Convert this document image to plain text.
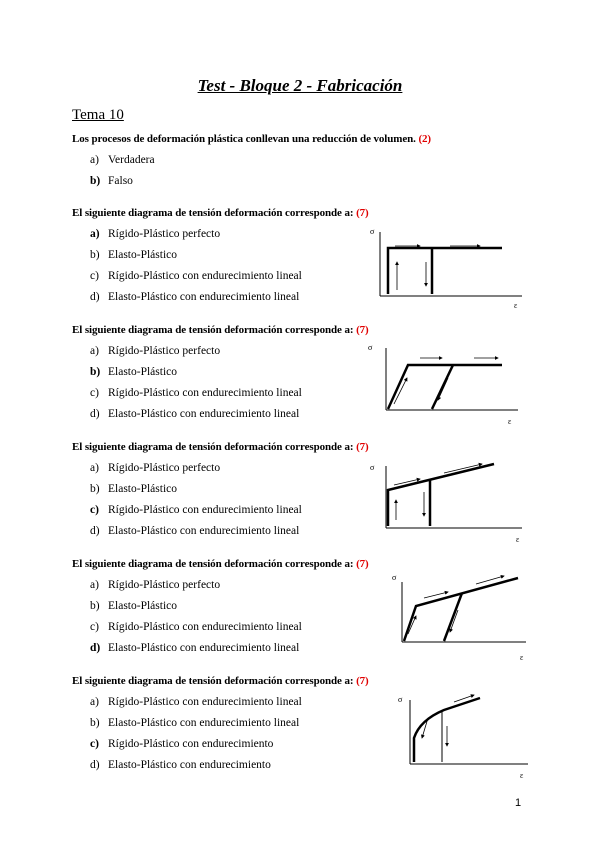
Test - Bloque 2 - Fabricación
Tema 10
Los procesos de deformación plástica conllevan una reducción de volumen. (2)
a) Verdadera
b) Falso
El siguiente diagrama de tensión deformación corresponde a: (7)
a) Rígido-Plástico perfecto
b) Elasto-Plástico
c) Rígido-Plástico con endurecimiento lineal
d) Elasto-Plástico con endurecimiento lineal
El siguiente diagrama de tensión deformación corresponde a: (7)
a) Rígido-Plástico perfecto
b) Elasto-Plástico
c) Rígido-Plástico con endurecimiento lineal
d) Elasto-Plástico con endurecimiento lineal
El siguiente diagrama de tensión deformación corresponde a: (7)
a) Rígido-Plástico perfecto
b) Elasto-Plástico
c) Rígido-Plástico con endurecimiento lineal
d) Elasto-Plástico con endurecimiento lineal
El siguiente diagrama de tensión deformación corresponde a: (7)
a) Rígido-Plástico perfecto
b) Elasto-Plástico
c) Rígido-Plástico con endurecimiento lineal
d) Elasto-Plástico con endurecimiento lineal
El siguiente diagrama de tensión deformación corresponde a: (7)
a) Rígido-Plástico con endurecimiento lineal
b) Elasto-Plástico con endurecimiento lineal
c) Rígido-Plástico con endurecimiento
d) Elasto-Plástico con endurecimiento
σ
ε
σ
ε
σ
ε
σ
ε
σ
ε
1
